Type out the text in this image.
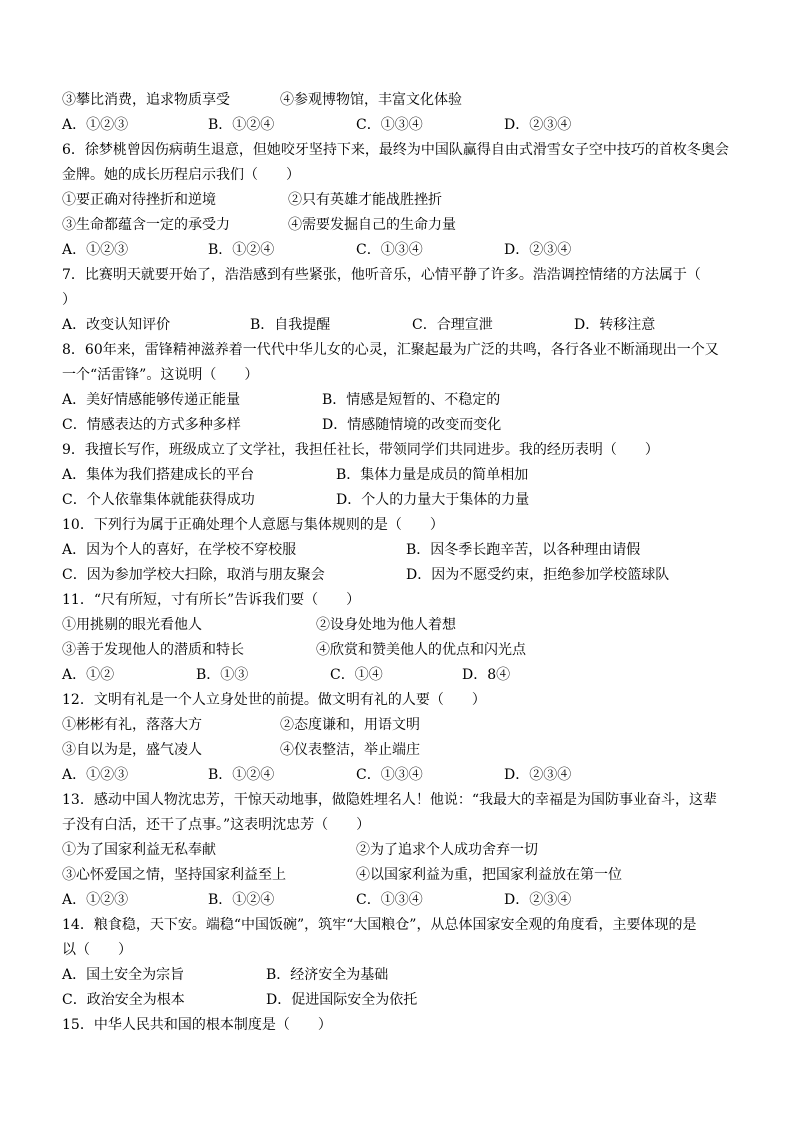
③攀比消费，追求物质享受	④参观博物馆，丰富文化体验
A．①②③	B．①②④	C．①③④	D．②③④
6．徐梦桃曾因伤病萌生退意，但她咬牙坚持下来，最终为中国队赢得自由式滑雪女子空中技巧的首枚冬奥会
金牌。她的成长历程启示我们（　　）
①要正确对待挫折和逆境	②只有英雄才能战胜挫折
③生命都蕴含一定的承受力	④需要发掘自己的生命力量
A．①②③	B．①②④	C．①③④	D．②③④
7．比赛明天就要开始了，浩浩感到有些紧张，他听音乐，心情平静了许多。浩浩调控情绪的方法属于（
）
A．改变认知评价	B．自我提醒	C．合理宣泄	D．转移注意
8．60年来，雷锋精神滋养着一代代中华儿女的心灵，汇聚起最为广泛的共鸣，各行各业不断涌现出一个又
一个“活雷锋”。这说明（　　）
A．美好情感能够传递正能量	B．情感是短暂的、不稳定的
C．情感表达的方式多种多样	D．情感随情境的改变而变化
9．我擅长写作，班级成立了文学社，我担任社长，带领同学们共同进步。我的经历表明（　　）
A．集体为我们搭建成长的平台	B．集体力量是成员的简单相加
C．个人依靠集体就能获得成功	D．个人的力量大于集体的力量
10．下列行为属于正确处理个人意愿与集体规则的是（　　）
A．因为个人的喜好，在学校不穿校服	B．因冬季长跑辛苦，以各种理由请假
C．因为参加学校大扫除，取消与朋友聚会	D．因为不愿受约束，拒绝参加学校篮球队
11．“尺有所短，寸有所长”告诉我们要（　　）
①用挑剔的眼光看他人	②设身处地为他人着想
③善于发现他人的潜质和特长	④欣赏和赞美他人的优点和闪光点
A．①②	B．①③	C．①④	D．8④
12．文明有礼是一个人立身处世的前提。做文明有礼的人要（　　）
①彬彬有礼，落落大方	②态度谦和，用语文明
③自以为是，盛气凌人	④仪表整洁，举止端庄
A．①②③	B．①②④	C．①③④	D．②③④
13．感动中国人物沈忠芳，干惊天动地事，做隐姓埋名人！他说：“我最大的幸福是为国防事业奋斗，这辈
子没有白活，还干了点事。”这表明沈忠芳（　　）
①为了国家利益无私奉献	②为了追求个人成功舍弃一切
③心怀爱国之情，坚持国家利益至上	④以国家利益为重，把国家利益放在第一位
A．①②③	B．①②④	C．①③④	D．②③④
14．粮食稳，天下安。端稳“中国饭碗”，筑牢“大国粮仓”，从总体国家安全观的角度看，主要体现的是
以（　　）
A．国土安全为宗旨	B．经济安全为基础
C．政治安全为根本	D．促进国际安全为依托
15．中华人民共和国的根本制度是（　　）
